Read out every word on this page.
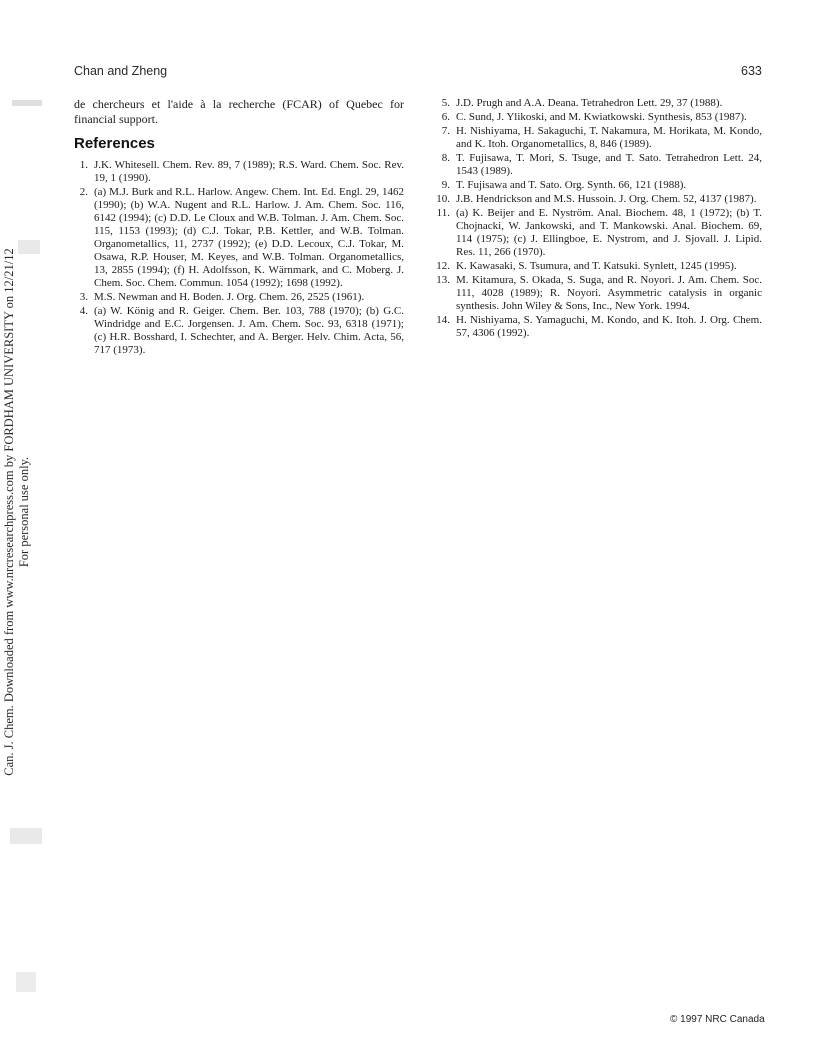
Chan and Zheng	633

de chercheurs et l'aide à la recherche (FCAR) of Quebec for financial support.

References
1. J.K. Whitesell. Chem. Rev. 89, 7 (1989); R.S. Ward. Chem. Soc. Rev. 19, 1 (1990).
2. (a) M.J. Burk and R.L. Harlow. Angew. Chem. Int. Ed. Engl. 29, 1462 (1990); (b) W.A. Nugent and R.L. Harlow. J. Am. Chem. Soc. 116, 6142 (1994); (c) D.D. Le Cloux and W.B. Tolman. J. Am. Chem. Soc. 115, 1153 (1993); (d) C.J. Tokar, P.B. Kettler, and W.B. Tolman. Organometallics, 11, 2737 (1992); (e) D.D. Lecoux, C.J. Tokar, M. Osawa, R.P. Houser, M. Keyes, and W.B. Tolman. Organometallics, 13, 2855 (1994); (f) H. Adolfsson, K. Wärnmark, and C. Moberg. J. Chem. Soc. Chem. Commun. 1054 (1992); 1698 (1992).
3. M.S. Newman and H. Boden. J. Org. Chem. 26, 2525 (1961).
4. (a) W. König and R. Geiger. Chem. Ber. 103, 788 (1970); (b) G.C. Windridge and E.C. Jorgensen. J. Am. Chem. Soc. 93, 6318 (1971); (c) H.R. Bosshard, I. Schechter, and A. Berger. Helv. Chim. Acta, 56, 717 (1973).
5. J.D. Prugh and A.A. Deana. Tetrahedron Lett. 29, 37 (1988).
6. C. Sund, J. Ylikoski, and M. Kwiatkowski. Synthesis, 853 (1987).
7. H. Nishiyama, H. Sakaguchi, T. Nakamura, M. Horikata, M. Kondo, and K. Itoh. Organometallics, 8, 846 (1989).
8. T. Fujisawa, T. Mori, S. Tsuge, and T. Sato. Tetrahedron Lett. 24, 1543 (1989).
9. T. Fujisawa and T. Sato. Org. Synth. 66, 121 (1988).
10. J.B. Hendrickson and M.S. Hussoin. J. Org. Chem. 52, 4137 (1987).
11. (a) K. Beijer and E. Nyström. Anal. Biochem. 48, 1 (1972); (b) T. Chojnacki, W. Jankowski, and T. Mankowski. Anal. Biochem. 69, 114 (1975); (c) J. Ellingboe, E. Nystrom, and J. Sjovall. J. Lipid. Res. 11, 266 (1970).
12. K. Kawasaki, S. Tsumura, and T. Katsuki. Synlett, 1245 (1995).
13. M. Kitamura, S. Okada, S. Suga, and R. Noyori. J. Am. Chem. Soc. 111, 4028 (1989); R. Noyori. Asymmetric catalysis in organic synthesis. John Wiley & Sons, Inc., New York. 1994.
14. H. Nishiyama, S. Yamaguchi, M. Kondo, and K. Itoh. J. Org. Chem. 57, 4306 (1992).
Can. J. Chem. Downloaded from www.nrcresearchpress.com by FORDHAM UNIVERSITY on 12/21/12 For personal use only.
© 1997 NRC Canada
